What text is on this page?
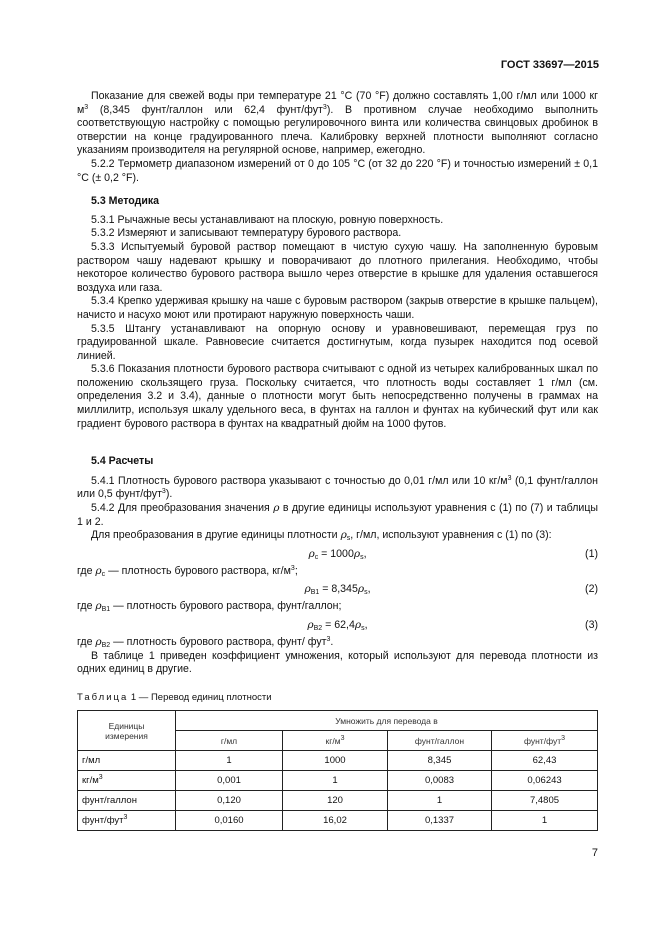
ГОСТ 33697—2015

Показание для свежей воды при температуре 21 °С (70 °F) должно составлять 1,00 г/мл или 1000 кг $м^3$ (8,345 фунт/галлон или 62,4 фунт/фут$^3$). В противном случае необходимо выполнить соответствующую настройку с помощью регулировочного винта или количества свинцовых дробинок в отверстии на конце градуированного плеча. Калибровку верхней плотности выполняют согласно указаниям производителя на регулярной основе, например, ежегодно.

5.2.2 Термометр диапазоном измерений от 0 до 105 °С (от 32 до 220 °F) и точностью измерений ± 0,1 °С (± 0,2 °F).

5.3 Методика

5.3.1 Рычажные весы устанавливают на плоскую, ровную поверхность.

5.3.2 Измеряют и записывают температуру бурового раствора.

5.3.3 Испытуемый буровой раствор помещают в чистую сухую чашу. На заполненную буровым раствором чашу надевают крышку и поворачивают до плотного прилегания. Необходимо, чтобы некоторое количество бурового раствора вышло через отверстие в крышке для удаления оставшегося воздуха или газа.

5.3.4 Крепко удерживая крышку на чаше с буровым раствором (закрыв отверстие в крышке пальцем), начисто и насухо моют или протирают наружную поверхность чаши.

5.3.5 Штангу устанавливают на опорную основу и уравновешивают, перемещая груз по градуированной шкале. Равновесие считается достигнутым, когда пузырек находится под осевой линией.

5.3.6 Показания плотности бурового раствора считывают с одной из четырех калиброванных шкал по положению скользящего груза. Поскольку считается, что плотность воды составляет 1 г/мл (см. определения 3.2 и 3.4), данные о плотности могут быть непосредственно получены в граммах на миллилитр, используя шкалу удельного веса, в фунтах на галлон и фунтах на кубический фут или как градиент бурового раствора в фунтах на квадратный дюйм на 1000 футов.

5.4 Расчеты

5.4.1 Плотность бурового раствора указывают с точностью до 0,01 г/мл или 10 $кг/м^3$ (0,1 фунт/галлон или 0,5 фунт/фут$^3$).

5.4.2 Для преобразования значения ρ в другие единицы используют уравнения с (1) по (7) и таблицы 1 и 2.

Для преобразования в другие единицы плотности $\rho_s$, г/мл, используют уравнения с (1) по (3):

$\rho_c = 1000\rho_s$,	(1)

где $\rho_c$ — плотность бурового раствора, $кг/м^3$;

$\rho_{B1} = 8,345\rho_s$,	(2)

где $\rho_{B1}$ — плотность бурового раствора, фунт/галлон;

$\rho_{B2} = 62,4\rho_s$,	(3)

где $\rho_{B2}$ — плотность бурового раствора, фунт/ фут$^3$.

В таблице 1 приведен коэффициент умножения, который используют для перевода плотности из одних единиц в другие.

Таблица 1 — Перевод единиц плотности
Единицы измерения	Умножить для перевода в			
	г/мл	$кг/м^3$	фунт/галлон	фунт/фут$^3$
г/мл	1	1000	8,345	62,43
$кг/м^3$	0,001	1	0,0083	0,06243
фунт/галлон	0,120	120	1	7,4805
фунт/фут$^3$	0,0160	16,02	0,1337	1
7
